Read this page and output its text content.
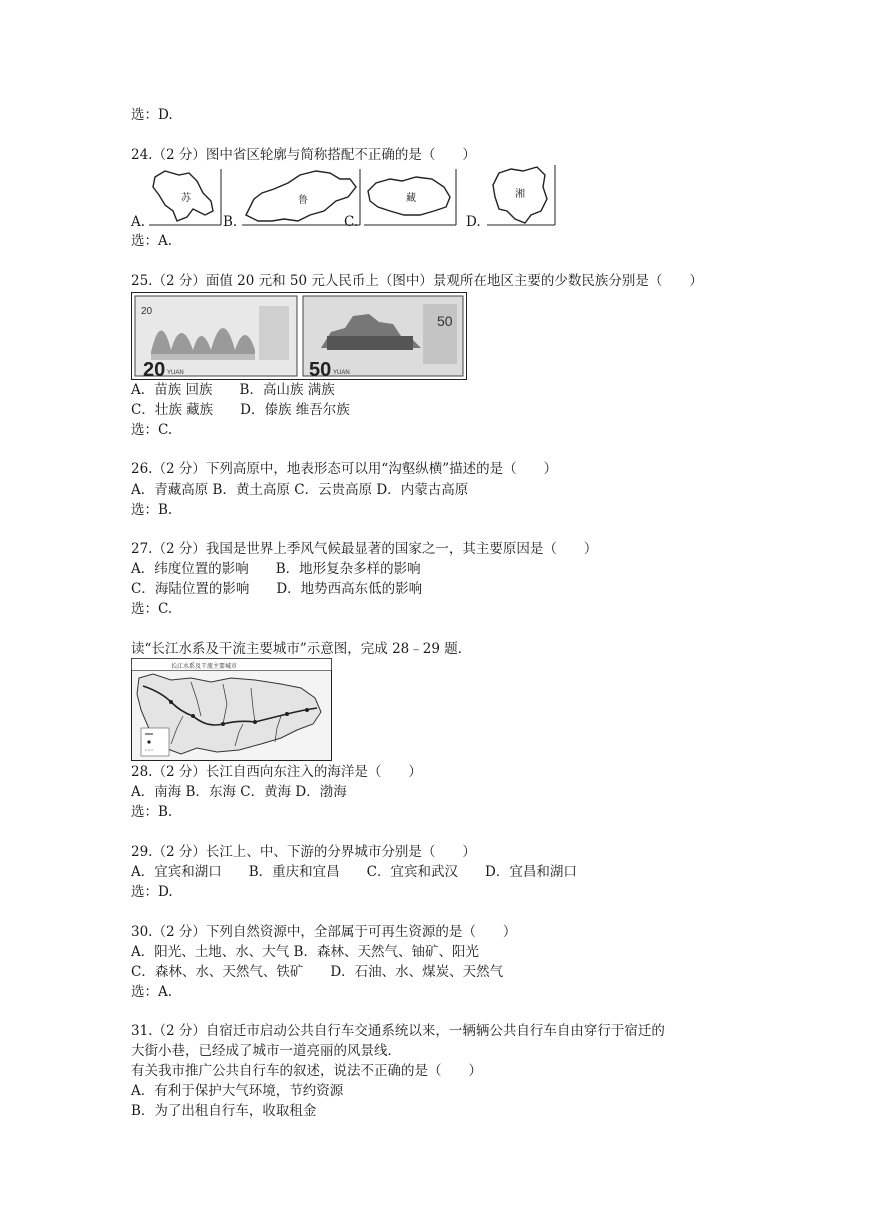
选：D.
24.（2 分）图中省区轮廓与简称搭配不正确的是（　　）
A.
苏
B.
鲁
C.
藏
D.
湘
选：A.
25.（2 分）面值 20 元和 50 元人民币上（图中）景观所在地区主要的少数民族分别是（　　）
20 YUAN
20
50 YUAN
50
A．苗族 回族　　B．高山族 满族
C．壮族 藏族　　D．傣族 维吾尔族
选：C.
26.（2 分）下列高原中，地表形态可以用“沟壑纵横”描述的是（　　）
A．青藏高原 B．黄土高原 C．云贵高原 D．内蒙古高原
选：B.
27.（2 分）我国是世界上季风气候最显著的国家之一，其主要原因是（　　）
A．纬度位置的影响　　B．地形复杂多样的影响
C．海陆位置的影响　　D．地势西高东低的影响
选：C.
读“长江水系及干流主要城市”示意图，完成 28﹣29 题．
长江水系及干流主要城市
28.（2 分）长江自西向东注入的海洋是（　　）
A．南海 B．东海 C．黄海 D．渤海
选：B.
29.（2 分）长江上、中、下游的分界城市分别是（　　）
A．宜宾和湖口　　B．重庆和宜昌　　C．宜宾和武汉　　D．宜昌和湖口
选：D.
30.（2 分）下列自然资源中，全部属于可再生资源的是（　　）
A．阳光、土地、水、大气 B．森林、天然气、铀矿、阳光
C．森林、水、天然气、铁矿　　D．石油、水、煤炭、天然气
选：A.
31.（2 分）自宿迁市启动公共自行车交通系统以来，一辆辆公共自行车自由穿行于宿迁的
大街小巷，已经成了城市一道亮丽的风景线．
有关我市推广公共自行车的叙述，说法不正确的是（　　）
A．有利于保护大气环境，节约资源
B．为了出租自行车，收取租金
